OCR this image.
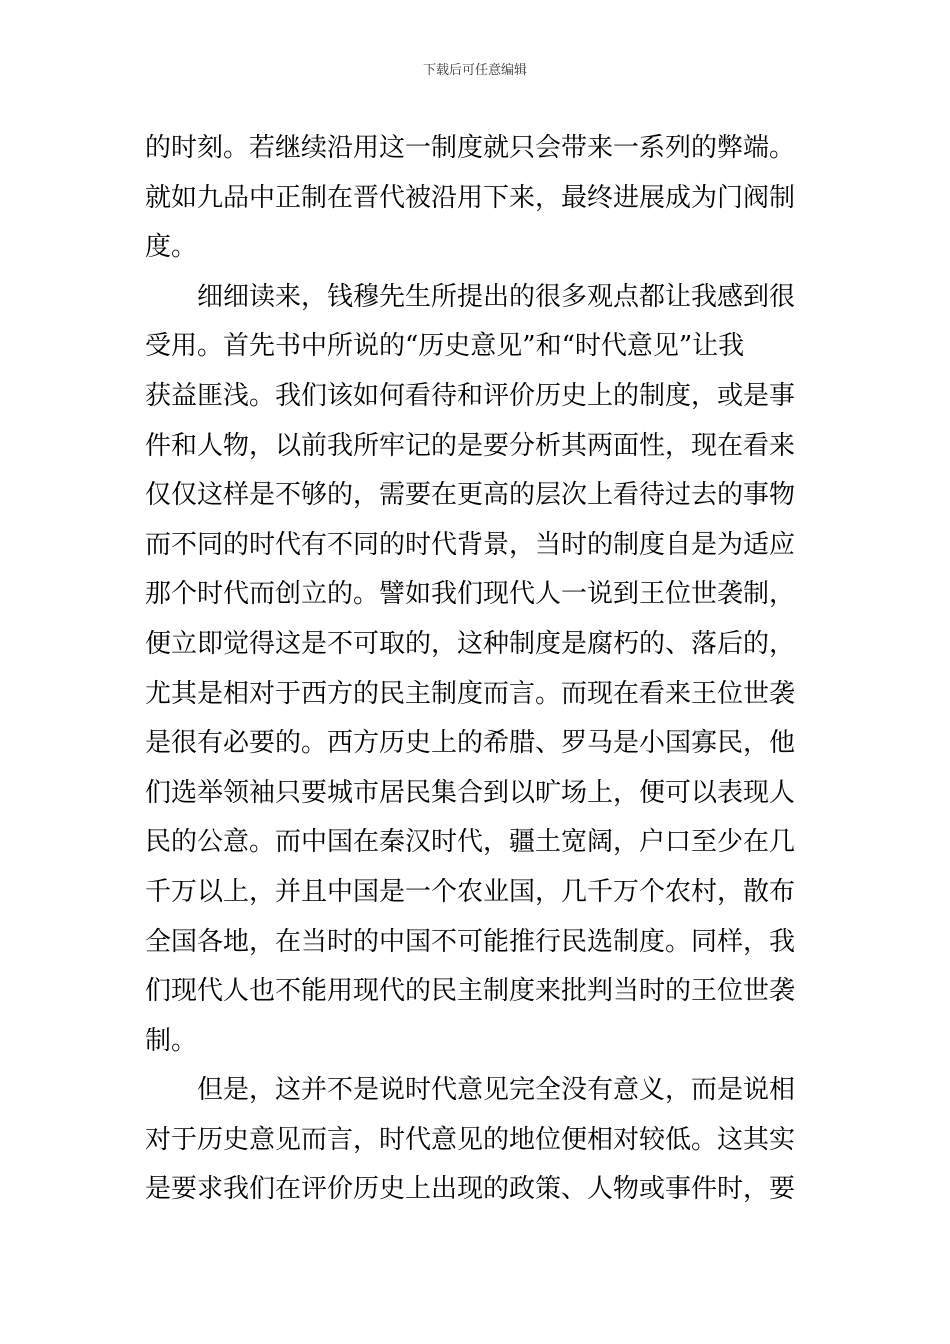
下载后可任意编辑

的时刻。若继续沿用这一制度就只会带来一系列的弊端。
就如九品中正制在晋代被沿用下来，最终进展成为门阀制
度。

细细读来，钱穆先生所提出的很多观点都让我感到很
受用。首先书中所说的“历史意见”和“时代意见”让我
获益匪浅。我们该如何看待和评价历史上的制度，或是事
件和人物，以前我所牢记的是要分析其两面性，现在看来
仅仅这样是不够的，需要在更高的层次上看待过去的事物
而不同的时代有不同的时代背景，当时的制度自是为适应
那个时代而创立的。譬如我们现代人一说到王位世袭制，
便立即觉得这是不可取的，这种制度是腐朽的、落后的，
尤其是相对于西方的民主制度而言。而现在看来王位世袭
是很有必要的。西方历史上的希腊、罗马是小国寡民，他
们选举领袖只要城市居民集合到以旷场上，便可以表现人
民的公意。而中国在秦汉时代，疆土宽阔，户口至少在几
千万以上，并且中国是一个农业国，几千万个农村，散布
全国各地，在当时的中国不可能推行民选制度。同样，我
们现代人也不能用现代的民主制度来批判当时的王位世袭
制。

但是，这并不是说时代意见完全没有意义，而是说相
对于历史意见而言，时代意见的地位便相对较低。这其实
是要求我们在评价历史上出现的政策、人物或事件时，要
